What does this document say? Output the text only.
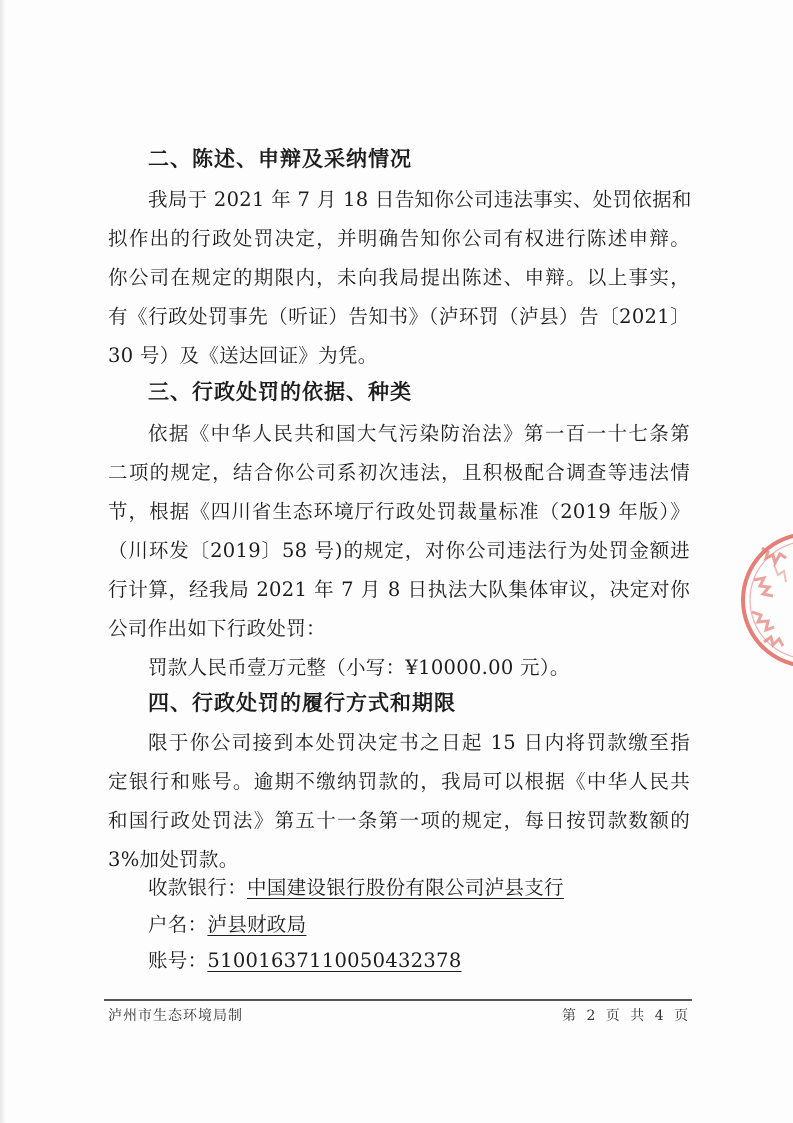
二、陈述、申辩及采纳情况
我局于 2021 年 7 月 18 日告知你公司违法事实、处罚依据和
拟作出的行政处罚决定，并明确告知你公司有权进行陈述申辩。
你公司在规定的期限内，未向我局提出陈述、申辩。以上事实，
有《行政处罚事先（听证）告知书》（泸环罚（泸县）告〔2021〕
30 号）及《送达回证》为凭。
三、行政处罚的依据、种类
依据《中华人民共和国大气污染防治法》第一百一十七条第
二项的规定，结合你公司系初次违法，且积极配合调查等违法情
节，根据《四川省生态环境厅行政处罚裁量标准（2019 年版）》
（川环发〔2019〕58 号)的规定，对你公司违法行为处罚金额进
行计算，经我局 2021 年 7 月 8 日执法大队集体审议，决定对你
公司作出如下行政处罚：
罚款人民币壹万元整（小写：¥10000.00 元）。
四、行政处罚的履行方式和期限
限于你公司接到本处罚决定书之日起 15 日内将罚款缴至指
定银行和账号。逾期不缴纳罚款的，我局可以根据《中华人民共
和国行政处罚法》第五十一条第一项的规定，每日按罚款数额的
3%加处罚款。
收款银行：中国建设银行股份有限公司泸县支行
户名：泸县财政局
账号：51001637110050432378
泸州市生态环境局制	第 2 页 共 4 页
